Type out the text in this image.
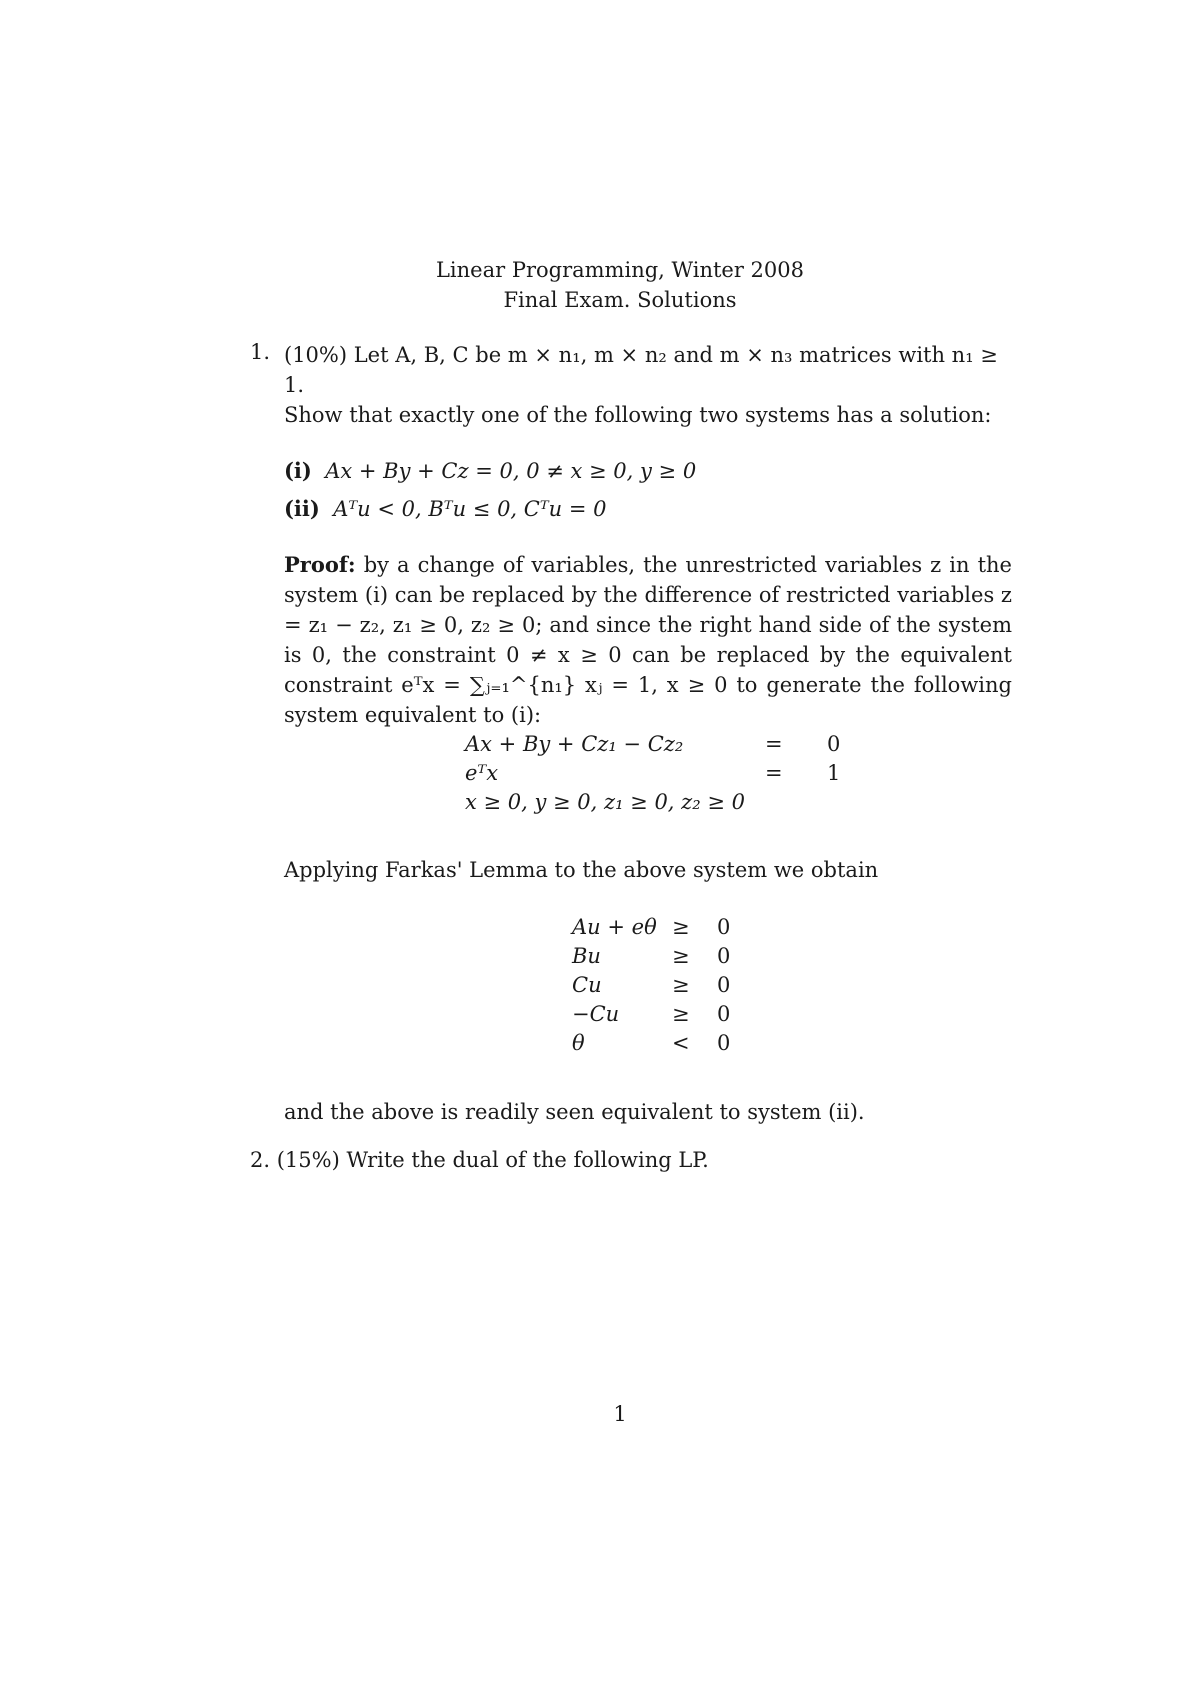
Linear Programming, Winter 2008
Final Exam. Solutions
1. (10%) Let A, B, C be m × n₁, m × n₂ and m × n₃ matrices with n₁ ≥ 1.
Show that exactly one of the following two systems has a solution:
(i) Ax + By + Cz = 0, 0 ≠ x ≥ 0, y ≥ 0
(ii) Aᵀu < 0, Bᵀu ≤ 0, Cᵀu = 0
Proof: by a change of variables, the unrestricted variables z in the system (i) can be replaced by the difference of restricted variables z = z₁ − z₂, z₁ ≥ 0, z₂ ≥ 0; and since the right hand side of the system is 0, the constraint 0 ≠ x ≥ 0 can be replaced by the equivalent constraint eᵀx = ∑ⱼ₌₁^{n₁} xⱼ = 1, x ≥ 0 to generate the following system equivalent to (i):
Ax + By + Cz₁ − Cz₂	=	0
eᵀx	=	1
x ≥ 0, y ≥ 0, z₁ ≥ 0, z₂ ≥ 0		
Applying Farkas' Lemma to the above system we obtain
Au + eθ	≥	0
Bu	≥	0
Cu	≥	0
−Cu	≥	0
θ	<	0
and the above is readily seen equivalent to system (ii).
2. (15%) Write the dual of the following LP.
1
